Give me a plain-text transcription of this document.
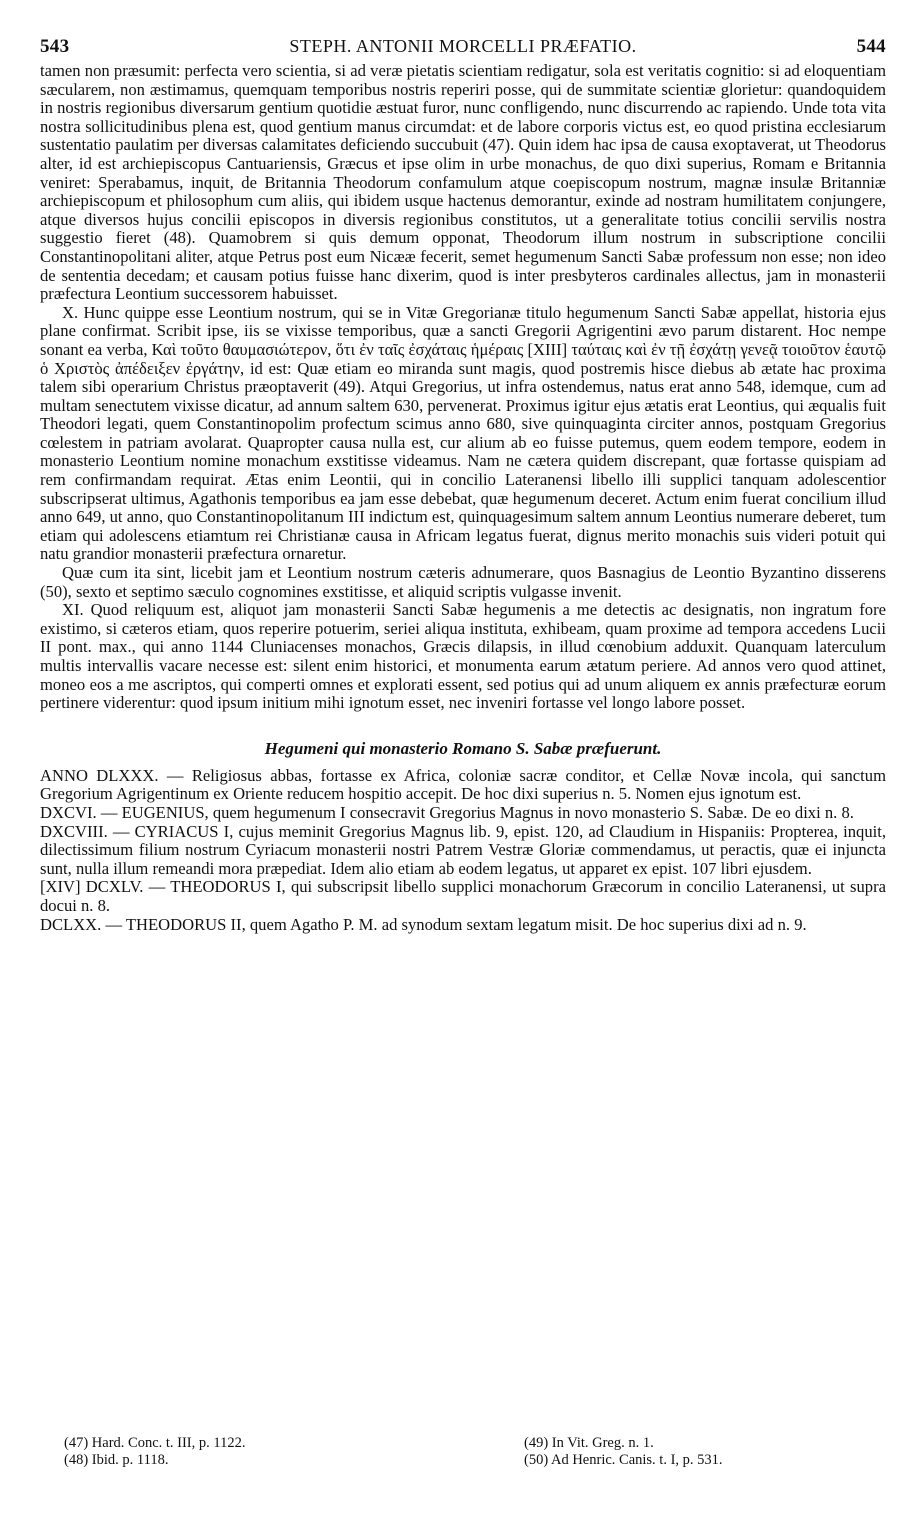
543	STEPH. ANTONII MORCELLI PRÆFATIO.	544

tamen non præsumit: perfecta vero scientia, si ad veræ pietatis scientiam redigatur, sola est veritatis cognitio: si ad eloquentiam sæcularem, non æstimamus, quemquam temporibus nostris reperiri posse, qui de summitate scientiæ glorietur: quandoquidem in nostris regionibus diversarum gentium quotidie æstuat furor, nunc confligendo, nunc discurrendo ac rapiendo. Unde tota vita nostra sollicitudinibus plena est, quod gentium manus circumdat: et de labore corporis victus est, eo quod pristina ecclesiarum sustentatio paulatim per diversas calamitates deficiendo succubuit (47). Quin idem hac ipsa de causa exoptaverat, ut Theodorus alter, id est archiepiscopus Cantuariensis, Græcus et ipse olim in urbe monachus, de quo dixi superius, Romam e Britannia veniret: Sperabamus, inquit, de Britannia Theodorum confamulum atque coepiscopum nostrum, magnæ insulæ Britanniæ archiepiscopum et philosophum cum aliis, qui ibidem usque hactenus demorantur, exinde ad nostram humilitatem conjungere, atque diversos hujus concilii episcopos in diversis regionibus constitutos, ut a generalitate totius concilii servilis nostra suggestio fieret (48). Quamobrem si quis demum opponat, Theodorum illum nostrum in subscriptione concilii Constantinopolitani aliter, atque Petrus post eum Nicææ fecerit, semet hegumenum Sancti Sabæ professum non esse; non ideo de sententia decedam; et causam potius fuisse hanc dixerim, quod is inter presbyteros cardinales allectus, jam in monasterii præfectura Leontium successorem habuisset.

X. Hunc quippe esse Leontium nostrum, qui se in Vitæ Gregorianæ titulo hegumenum Sancti Sabæ appellat, historia ejus plane confirmat. Scribit ipse, iis se vixisse temporibus, quæ a sancti Gregorii Agrigentini ævo parum distarent. Hoc nempe sonant ea verba, Καὶ τοῦτο θαυμασιώτερον, ὅτι ἐν ταῖς ἐσχάταις ἡμέραις [XIII] ταύταις καὶ ἐν τῇ ἐσχάτῃ γενεᾷ τοιοῦτον ἑαυτῷ ὁ Χριστὸς ἀπέδειξεν ἐργάτην, id est: Quæ etiam eo miranda sunt magis, quod postremis hisce diebus ab ætate hac proxima talem sibi operarium Christus præoptaverit (49). Atqui Gregorius, ut infra ostendemus, natus erat anno 548, idemque, cum ad multam senectutem vixisse dicatur, ad annum saltem 630, pervenerat. Proximus igitur ejus ætatis erat Leontius, qui æqualis fuit Theodori legati, quem Constantinopolim profectum scimus anno 680, sive quinquaginta circiter annos, postquam Gregorius cœlestem in patriam avolarat. Quapropter causa nulla est, cur alium ab eo fuisse putemus, quem eodem tempore, eodem in monasterio Leontium nomine monachum exstitisse videamus. Nam ne cætera quidem discrepant, quæ fortasse quispiam ad rem confirmandam requirat. Ætas enim Leontii, qui in concilio Lateranensi libello illi supplici tanquam adolescentior subscripserat ultimus, Agathonis temporibus ea jam esse debebat, quæ hegumenum deceret. Actum enim fuerat concilium illud anno 649, ut anno, quo Constantinopolitanum III indictum est, quinquagesimum saltem annum Leontius numerare deberet, tum etiam qui adolescens etiamtum rei Christianæ causa in Africam legatus fuerat, dignus merito monachis suis videri potuit qui natu grandior monasterii præfectura ornaretur.

Quæ cum ita sint, licebit jam et Leontium nostrum cæteris adnumerare, quos Basnagius de Leontio Byzantino disserens (50), sexto et septimo sæculo cognomines exstitisse, et aliquid scriptis vulgasse invenit.

XI. Quod reliquum est, aliquot jam monasterii Sancti Sabæ hegumenis a me detectis ac designatis, non ingratum fore existimo, si cæteros etiam, quos reperire potuerim, seriei aliqua instituta, exhibeam, quam proxime ad tempora accedens Lucii II pont. max., qui anno 1144 Cluniacenses monachos, Græcis dilapsis, in illud cœnobium adduxit. Quanquam laterculum multis intervallis vacare necesse est: silent enim historici, et monumenta earum ætatum periere. Ad annos vero quod attinet, moneo eos a me ascriptos, qui comperti omnes et explorati essent, sed potius qui ad unum aliquem ex annis præfecturæ eorum pertinere viderentur: quod ipsum initium mihi ignotum esset, nec inveniri fortasse vel longo labore posset.

Hegumeni qui monasterio Romano S. Sabæ præfuerunt.

ANNO DLXXX. — Religiosus abbas, fortasse ex Africa, coloniæ sacræ conditor, et Cellæ Novæ incola, qui sanctum Gregorium Agrigentinum ex Oriente reducem hospitio accepit. De hoc dixi superius n. 5. Nomen ejus ignotum est.

DXCVI. — EUGENIUS, quem hegumenum I consecravit Gregorius Magnus in novo monasterio S. Sabæ. De eo dixi n. 8.

DXCVIII. — CYRIACUS I, cujus meminit Gregorius Magnus lib. 9, epist. 120, ad Claudium in Hispaniis: Propterea, inquit, dilectissimum filium nostrum Cyriacum monasterii nostri Patrem Vestræ Gloriæ commendamus, ut peractis, quæ ei injuncta sunt, nulla illum remeandi mora præpediat. Idem alio etiam ab eodem legatus, ut apparet ex epist. 107 libri ejusdem.

[XIV] DCXLV. — THEODORUS I, qui subscripsit libello supplici monachorum Græcorum in concilio Lateranensi, ut supra docui n. 8.

DCLXX. — THEODORUS II, quem Agatho P. M. ad synodum sextam legatum misit. De hoc superius dixi ad n. 9.

(47) Hard. Conc. t. III, p. 1122.
(48) Ibid. p. 1118.
(49) In Vit. Greg. n. 1.
(50) Ad Henric. Canis. t. I, p. 531.
